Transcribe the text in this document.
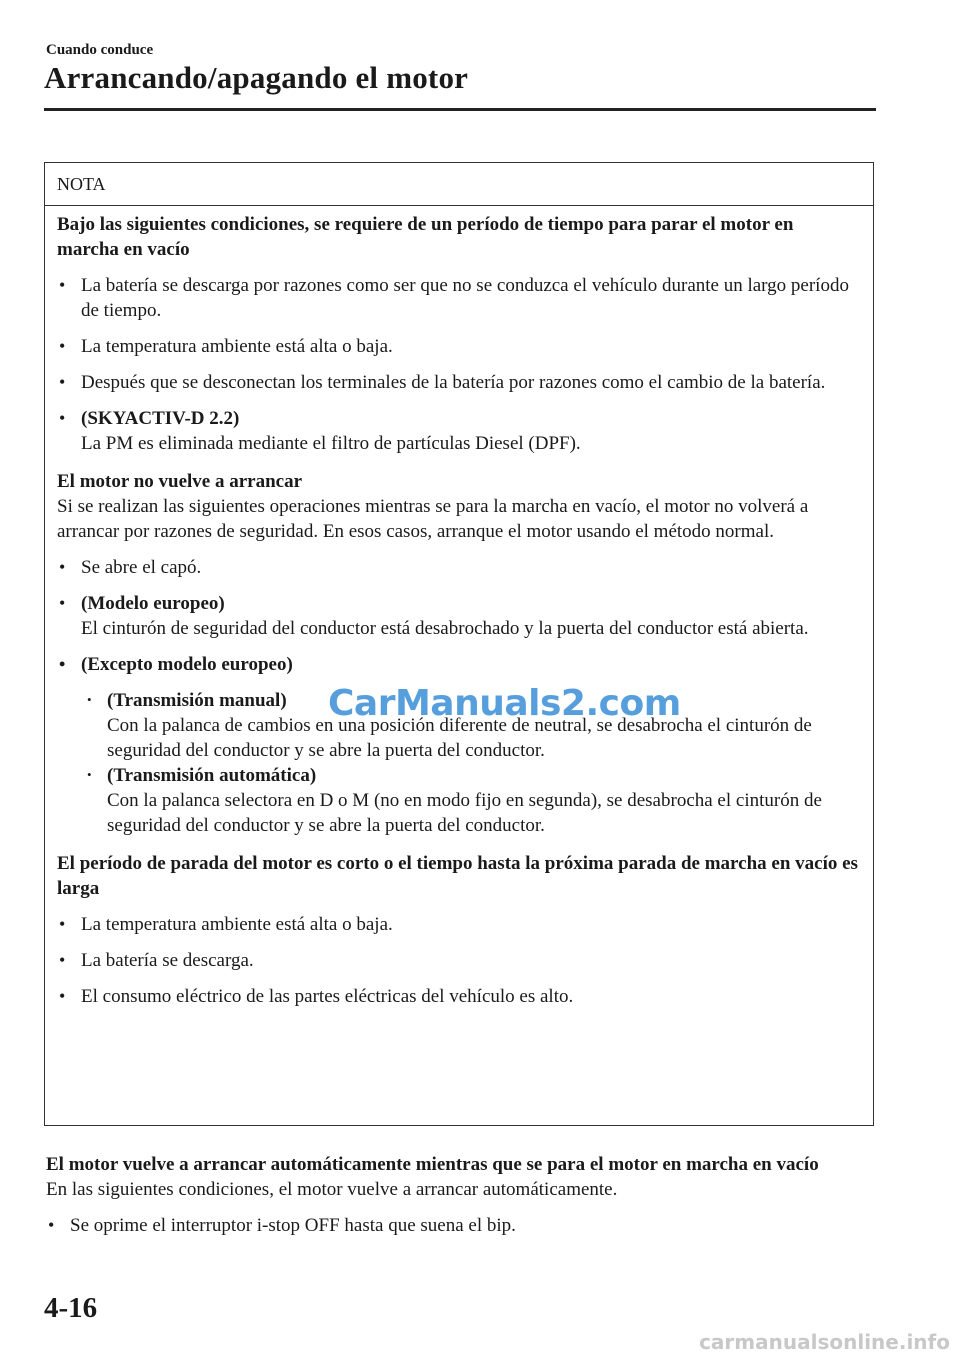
Cuando conduce
Arrancando/apagando el motor
NOTA

Bajo las siguientes condiciones, se requiere de un período de tiempo para parar el motor en marcha en vacío

• La batería se descarga por razones como ser que no se conduzca el vehículo durante un largo período de tiempo.

• La temperatura ambiente está alta o baja.

• Después que se desconectan los terminales de la batería por razones como el cambio de la batería.

• (SKYACTIV-D 2.2)
La PM es eliminada mediante el filtro de partículas Diesel (DPF).

El motor no vuelve a arrancar

Si se realizan las siguientes operaciones mientras se para la marcha en vacío, el motor no volverá a arrancar por razones de seguridad. En esos casos, arranque el motor usando el método normal.

• Se abre el capó.

• (Modelo europeo)
El cinturón de seguridad del conductor está desabrochado y la puerta del conductor está abierta.
• (Excepto modelo europeo)
• (Transmisión manual)
Con la palanca de cambios en una posición diferente de neutral, se desabrocha el cinturón de seguridad del conductor y se abre la puerta del conductor.
• (Transmisión automática)
Con la palanca selectora en D o M (no en modo fijo en segunda), se desabrocha el cinturón de seguridad del conductor y se abre la puerta del conductor.

El período de parada del motor es corto o el tiempo hasta la próxima parada de marcha en vacío es larga

• La temperatura ambiente está alta o baja.

• La batería se descarga.

• El consumo eléctrico de las partes eléctricas del vehículo es alto.

El motor vuelve a arrancar automáticamente mientras que se para el motor en marcha en vacío

En las siguientes condiciones, el motor vuelve a arrancar automáticamente.

• Se oprime el interruptor i-stop OFF hasta que suena el bip.

4-16
CarManuals2.com
carmanualsonline.info
